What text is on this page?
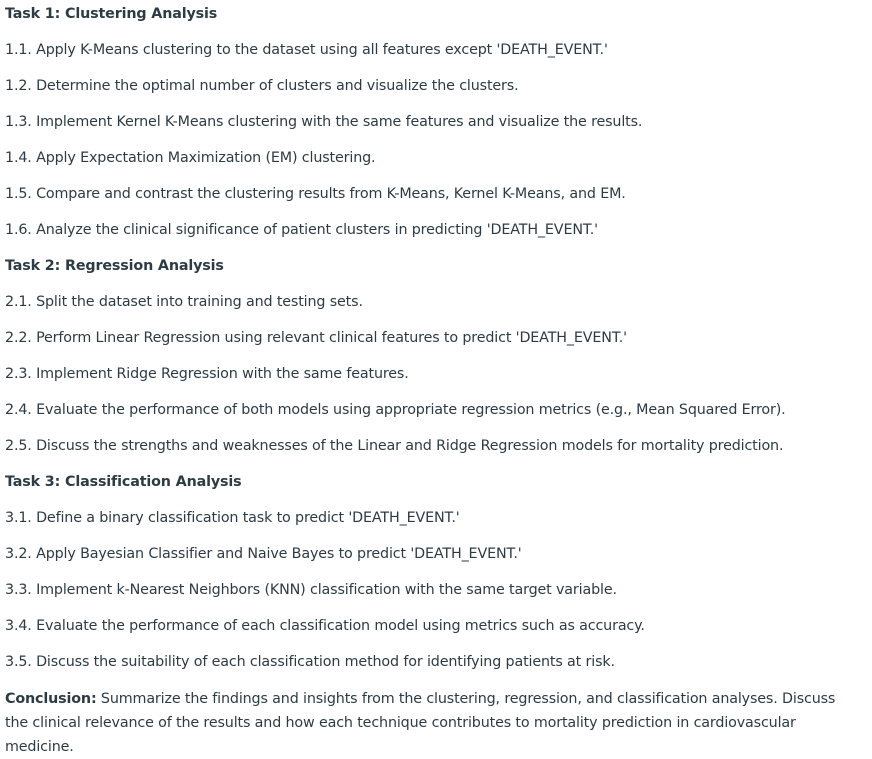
Task 1: Clustering Analysis
1.1. Apply K-Means clustering to the dataset using all features except 'DEATH_EVENT.'
1.2. Determine the optimal number of clusters and visualize the clusters.
1.3. Implement Kernel K-Means clustering with the same features and visualize the results.
1.4. Apply Expectation Maximization (EM) clustering.
1.5. Compare and contrast the clustering results from K-Means, Kernel K-Means, and EM.
1.6. Analyze the clinical significance of patient clusters in predicting 'DEATH_EVENT.'
Task 2: Regression Analysis
2.1. Split the dataset into training and testing sets.
2.2. Perform Linear Regression using relevant clinical features to predict 'DEATH_EVENT.'
2.3. Implement Ridge Regression with the same features.
2.4. Evaluate the performance of both models using appropriate regression metrics (e.g., Mean Squared Error).
2.5. Discuss the strengths and weaknesses of the Linear and Ridge Regression models for mortality prediction.
Task 3: Classification Analysis
3.1. Define a binary classification task to predict 'DEATH_EVENT.'
3.2. Apply Bayesian Classifier and Naive Bayes to predict 'DEATH_EVENT.'
3.3. Implement k-Nearest Neighbors (KNN) classification with the same target variable.
3.4. Evaluate the performance of each classification model using metrics such as accuracy.
3.5. Discuss the suitability of each classification method for identifying patients at risk.
Conclusion: Summarize the findings and insights from the clustering, regression, and classification analyses. Discuss the clinical relevance of the results and how each technique contributes to mortality prediction in cardiovascular medicine.
